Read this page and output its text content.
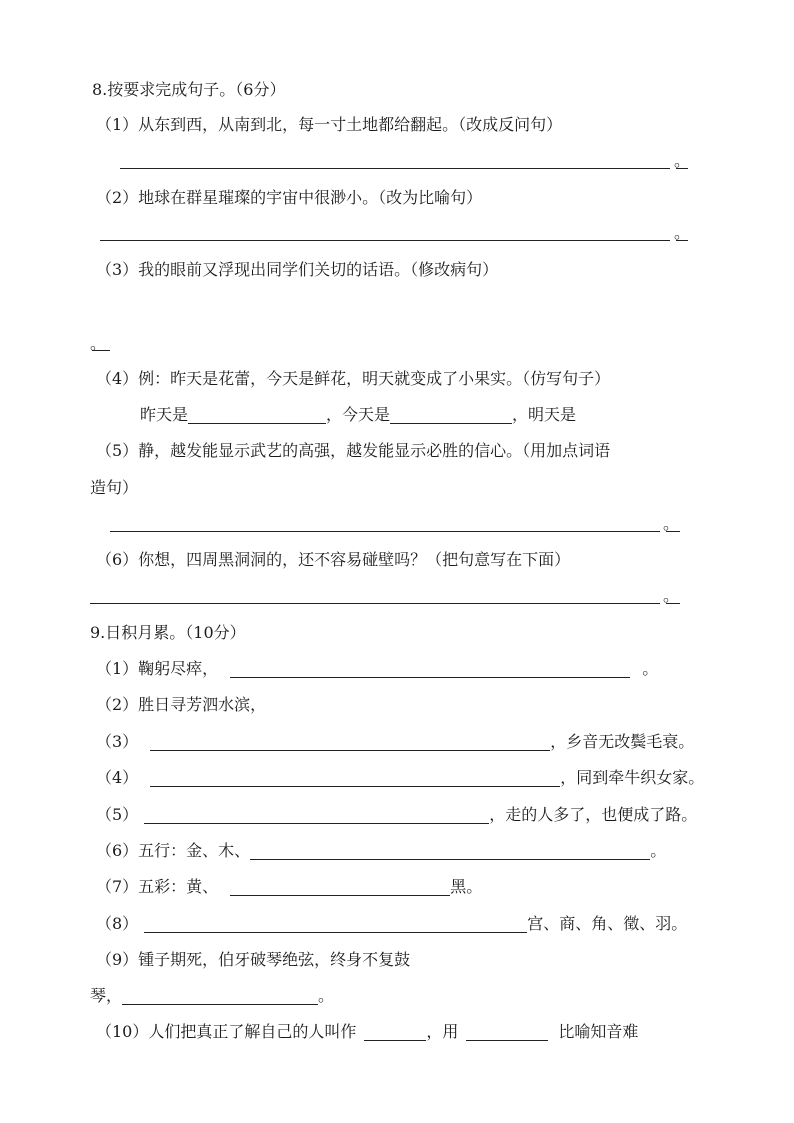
8.按要求完成句子。（6分）
（1）从东到西，从南到北，每一寸土地都给翻起。（改成反问句）
。
（2）地球在群星璀璨的宇宙中很渺小。（改为比喻句）
。
（3）我的眼前又浮现出同学们关切的话语。（修改病句）
。
（4）例：昨天是花蕾，今天是鲜花，明天就变成了小果实。（仿写句子）
昨天是	，今天是	，明天是
（5）静，越发能显示武艺的高强，越发能显示必胜的信心。（用加点词语
造句）
。
（6）你想，四周黑洞洞的，还不容易碰壁吗？（把句意写在下面）
。
9.日积月累。（10分）
（1）鞠躬尽瘁，	。
（2）胜日寻芳泗水滨，
（3）	，乡音无改鬓毛衰。
（4）	，同到牵牛织女家。
（5）	，走的人多了，也便成了路。
（6）五行：金、木、	。
（7）五彩：黄、	黑。
（8）	宫、商、角、徵、羽。
（9）锺子期死，伯牙破琴绝弦，终身不复鼓
琴，	。
（10）人们把真正了解自己的人叫作	，用	比喻知音难
